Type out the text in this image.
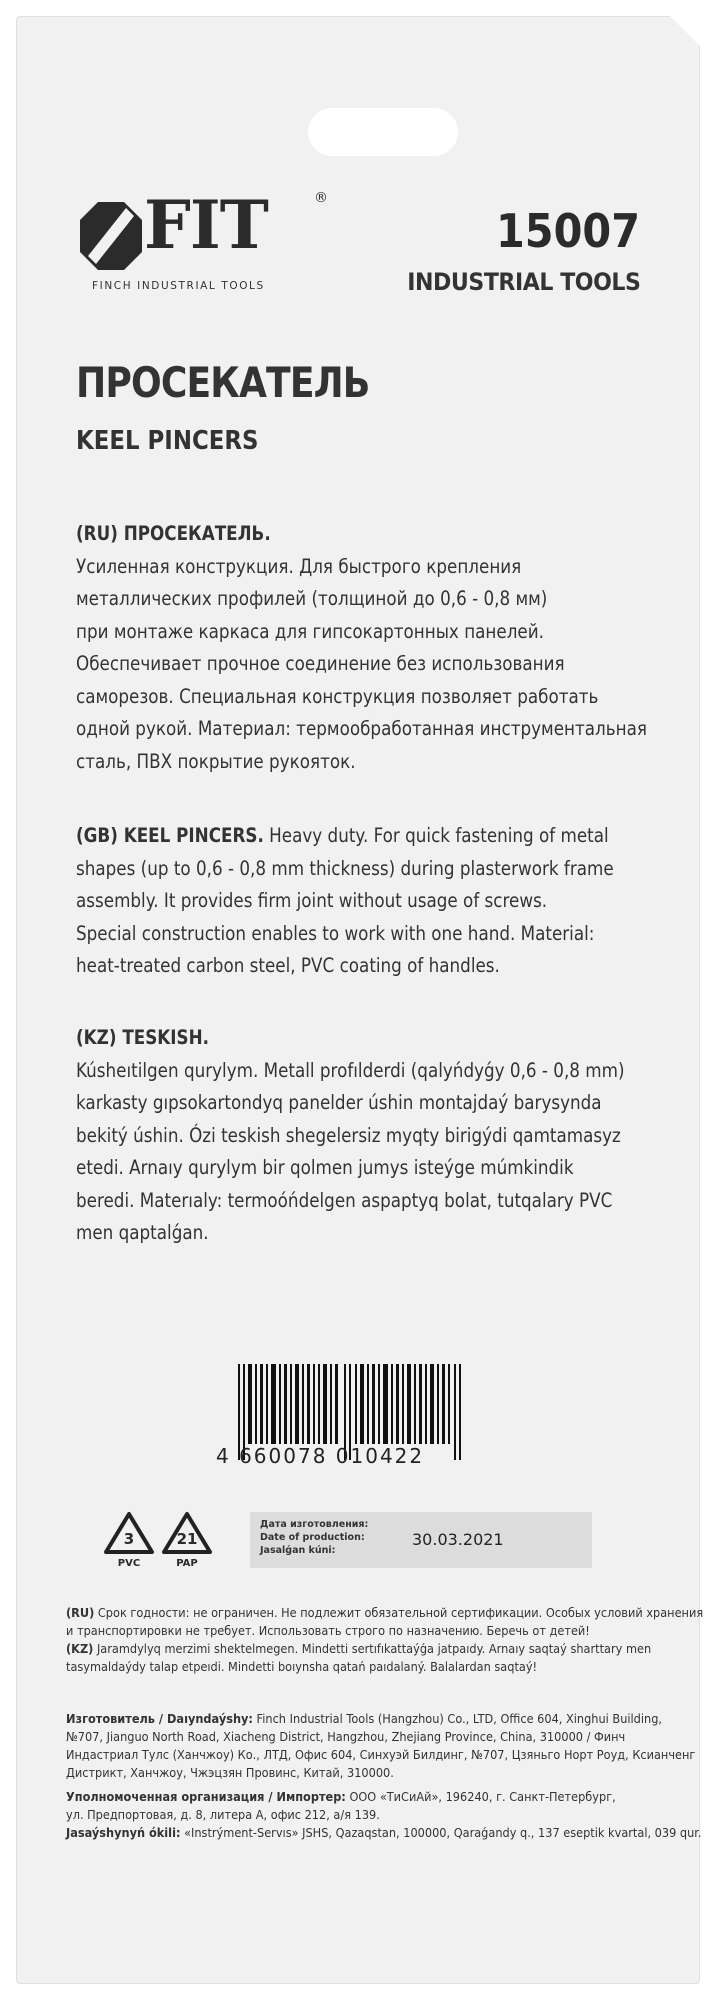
FIT	®
FINCH INDUSTRIAL TOOLS
15007
INDUSTRIAL TOOLS
ПРОСЕКАТЕЛЬ
KEEL PINCERS
(RU) ПРОСЕКАТЕЛЬ.
Усиленная конструкция. Для быстрого крепления
металлических профилей (толщиной до 0,6 - 0,8 мм)
при монтаже каркаса для гипсокартонных панелей.
Обеспечивает прочное соединение без использования
саморезов. Специальная конструкция позволяет работать
одной рукой. Материал: термообработанная инструментальная
сталь, ПВХ покрытие рукояток.
(GB) KEEL PINCERS. Heavy duty. For quick fastening of metal
shapes (up to 0,6 - 0,8 mm thickness) during plasterwork frame
assembly. It provides firm joint without usage of screws.
Special construction enables to work with one hand. Material:
heat-treated carbon steel, PVC coating of handles.
(KZ) TESKISH.
Kúsheıtilgen qurylym. Metall profılderdi (qalyńdyǵy 0,6 - 0,8 mm)
karkasty gıpsokartondyq panelder úshin montajdaý barysynda
bekitý úshin. Ózi teskish shegelersiz myqty birigýdi qamtamasyz
etedi. Arnaıy qurylym bir qolmen jumys isteýge múmkindik
beredi. Materıaly: termoóńdelgen aspaptyq bolat, tutqalary PVC
men qaptalǵan.
4 660078 010422
3
PVC
21
PAP
Дата изготовления:
Date of production:
Jasalǵan kúni:
30.03.2021
(RU) Срок годности: не ограничен. Не подлежит обязательной сертификации. Особых условий хранения
и транспортировки не требует. Использовать строго по назначению. Беречь от детей!
(KZ) Jaramdylyq merzimi shektelmegen. Mindetti sertıfıkattaýǵa jatpaıdy. Arnaıy saqtaý sharttary men
tasymaldaýdy talap etpeıdi. Mindetti boıynsha qatań paıdalaný. Balalardan saqtaý!
Изготовитель / Daıyndaýshy: Finch Industrial Tools (Hangzhou) Co., LTD, Office 604, Xinghui Building,
№707, Jianguo North Road, Xiacheng District, Hangzhou, Zhejiang Province, China, 310000 / Финч
Индастриал Тулс (Ханчжоу) Ко., ЛТД, Офис 604, Синхуэй Билдинг, №707, Цзяньго Норт Роуд, Ксианченг
Дистрикт, Ханчжоу, Чжэцзян Провинс, Китай, 310000.
Уполномоченная организация / Импортер: ООО «ТиСиАй», 196240, г. Санкт-Петербург,
ул. Предпортовая, д. 8, литера А, офис 212, а/я 139.
Jasaýshynyń ókili: «Instrýment-Servıs» JSHS, Qazaqstan, 100000, Qaraǵandy q., 137 eseptik kvartal, 039 qur.
